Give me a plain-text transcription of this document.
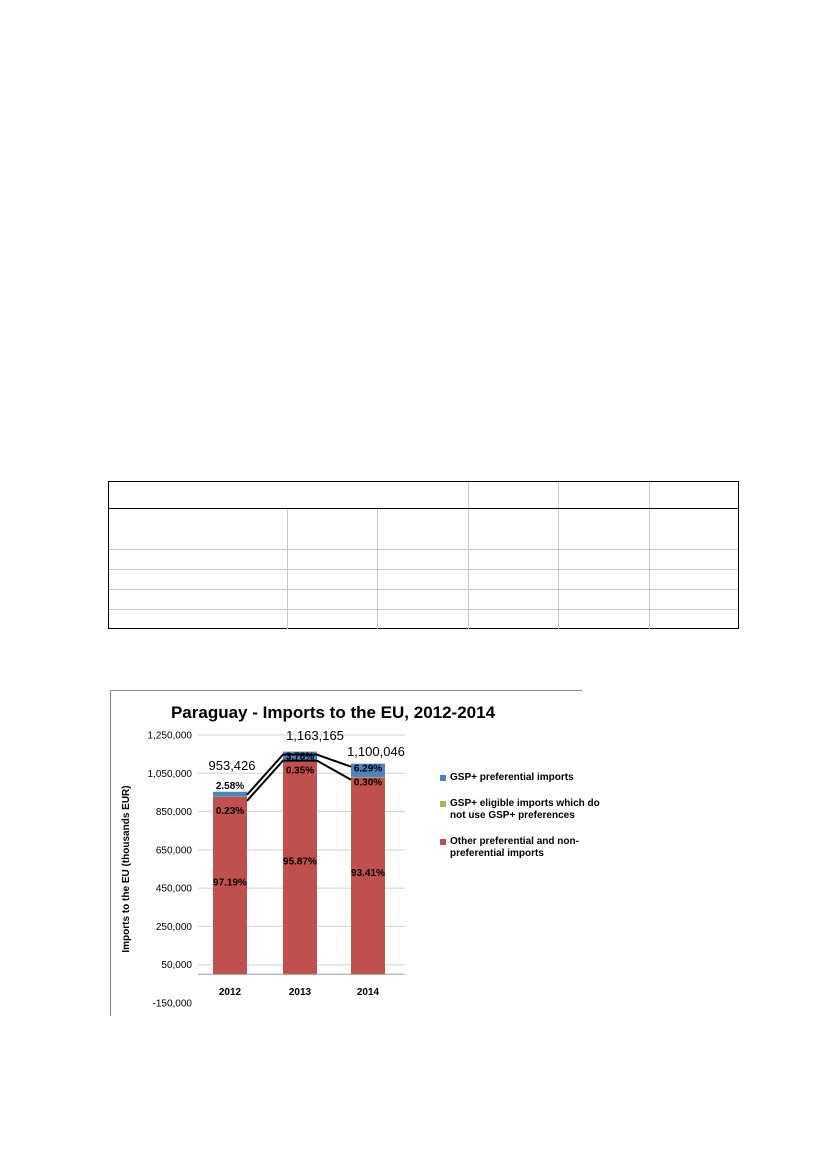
-150,000
50,000
250,000
450,000
650,000
850,000
1,050,000
1,250,000
Imports to the EU (thousands EUR)
Paraguay - Imports to the EU, 2012-2014
2012
97.19%
0.23%
2.58%
953,426
2013
95.87%
0.35%
3.78%
1,163,165
2014
93.41%
0.30%
6.29%
1,100,046
GSP+ preferential imports
GSP+ eligible imports which do not use GSP+ preferences
Other preferential and non-preferential imports
